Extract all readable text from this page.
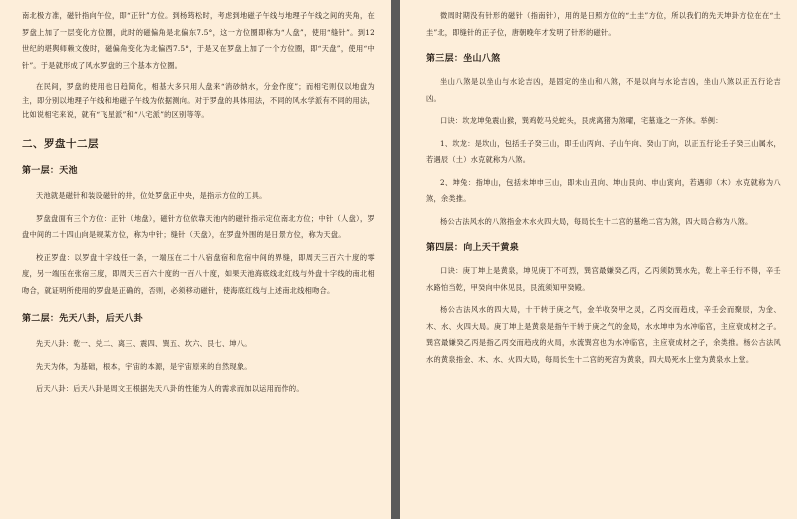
南北极方准，磁针指向午位，即“正针”方位。到杨筠松时，考虑到地磁子午线与地理子午线之间的夹角，在罗盘上加了一层变化方位圈，此时的磁偏角是北偏东7.5°，这一方位圈即称为“人盘”，使用“缝针”。到12世纪的堪舆师赖文俊时，磁偏角变化为北偏西7.5°，于是又在罗盘上加了一个方位圈，即“天盘”，使用“中针”。于是就形成了风水罗盘的三个基本方位圈。

在民间，罗盘的使用也日趋简化，相基大多只用人盘来“消砂纳水，分金作度”；而相宅则仅以地盘为主，即分别以地理子午线和地磁子午线为依据测向。对于罗盘的具体用法，不同的风水学派有不同的用法，比如说相宅来说，就有“飞星派”和“八宅派”的区别等等。

二、罗盘十二层
第一层：天池

天池就是磁针和装设磁针的井，位处罗盘正中央，是指示方位的工具。

罗盘盘面有三个方位：正针（地盘），磁针方位依靠天池内的磁针指示定位南北方位；中针（人盘），罗盘中间的二十四山向是规某方位，称为中针；缝针（天盘），在罗盘外围的是日景方位，称为天盘。

校正罗盘：以罗盘十字线任一条，一端压在二十八宿盘宿和危宿中间的界缝，即周天三百六十度的零度，另一端压在张宿三度，即周天三百六十度的一百八十度，如果天池海底线北红线与外盘十字线的南北相吻合，就证明所使用的罗盘是正确的，否则，必须移动磁针，使海底红线与上述南北线相吻合。

第二层：先天八卦，后天八卦

先天八卦：乾一、兑二、离三、震四、巽五、坎六、艮七、坤八。

先天为体，为基础，根本，宇宙的本源，是宇宙原来的自然现象。

后天八卦：后天八卦是周文王根据先天八卦的性能为人的需求而加以运用而作的。

微周时期没有针形的磁针（指南针），用的是日照方位的“土圭”方位，所以我们的先天坤卦方位在在“土圭”北，即缝针的正子位，唐朝晚年才发明了针形的磁针。

第三层：坐山八煞

坐山八煞是以坐山与水论吉凶，是固定的坐山和八煞，不是以向与水论吉凶，坐山八煞以正五行论吉凶。

口诀：坎龙坤兔震山猴，巽鸡乾马兑蛇头，艮虎离猪为煞曜，宅墓逢之一齐休。举例：

1、坎龙：是坎山，包括壬子癸三山，即壬山丙向、子山午向、癸山丁向，以正五行论壬子癸三山属水，若遇辰（土）水克就称为八煞。

2、坤兔：指坤山，包括未坤申三山，即未山丑向、坤山艮向、申山寅向，若遇卯（木）水克就称为八煞，余类推。

杨公古法风水的八煞指金木水火四大局，每局长生十二宫的墓绝二宫为煞，四大局合称为八煞。

第四层：向上天干黄泉

口诀：庚丁坤上是黄泉，坤见庚丁不可烈，巽宫最嫌癸乙丙，乙丙须防巽水先，乾上辛壬行不得，辛壬水路怕当乾，甲癸向中休见艮，艮流须知甲癸殿。

杨公古法风水的四大局，十干转于庚之气，金羊收癸甲之灵，乙丙交而趋戌，辛壬会而聚辰，为金、木、水、火四大局。庚丁坤上是黄泉是指午干转于庚之气的金局，水水坤申为水冲临官，主应衰成材之子。巽宫最嫌癸乙丙是指乙丙交而趋戌的火局，水流巽宫也为水冲临官，主应衰成材之子，余类推。杨公古法风水的黄泉指金、木、水、火四大局，每局长生十二宫的死宫为黄泉，四大局死水上堂为黄泉水上堂。
